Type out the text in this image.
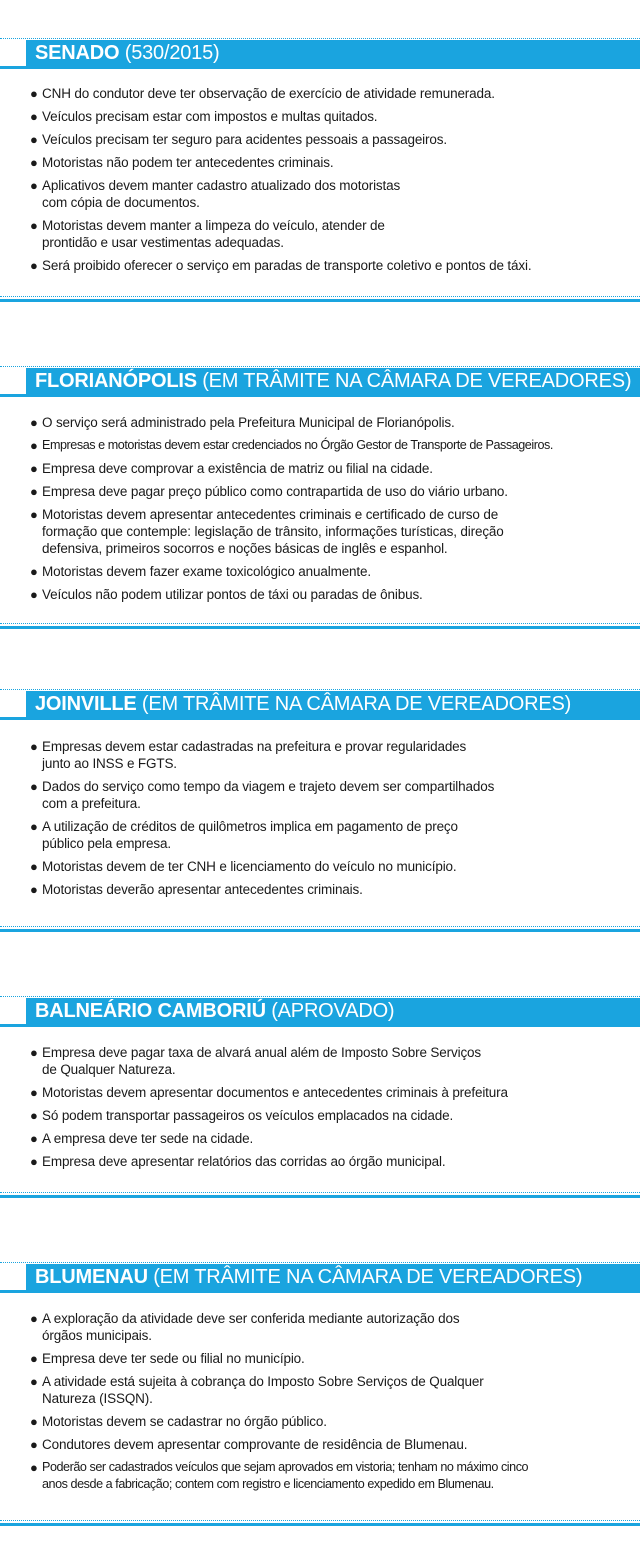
SENADO (530/2015)
● CNH do condutor deve ter observação de exercício de atividade remunerada.
● Veículos precisam estar com impostos e multas quitados.
● Veículos precisam ter seguro para acidentes pessoais a passageiros.
● Motoristas não podem ter antecedentes criminais.
● Aplicativos devem manter cadastro atualizado dos motoristas
com cópia de documentos.
● Motoristas devem manter a limpeza do veículo, atender de
prontidão e usar vestimentas adequadas.
● Será proibido oferecer o serviço em paradas de transporte coletivo e pontos de táxi.
FLORIANÓPOLIS (EM TRÂMITE NA CÂMARA DE VEREADORES)
● O serviço será administrado pela Prefeitura Municipal de Florianópolis.
● Empresas e motoristas devem estar credenciados no Órgão Gestor de Transporte de Passageiros.
● Empresa deve comprovar a existência de matriz ou filial na cidade.
● Empresa deve pagar preço público como contrapartida de uso do viário urbano.
● Motoristas devem apresentar antecedentes criminais e certificado de curso de
formação que contemple: legislação de trânsito, informações turísticas, direção
defensiva, primeiros socorros e noções básicas de inglês e espanhol.
● Motoristas devem fazer exame toxicológico anualmente.
● Veículos não podem utilizar pontos de táxi ou paradas de ônibus.
JOINVILLE (EM TRÂMITE NA CÂMARA DE VEREADORES)
● Empresas devem estar cadastradas na prefeitura e provar regularidades
junto ao INSS e FGTS.
● Dados do serviço como tempo da viagem e trajeto devem ser compartilhados
com a prefeitura.
● A utilização de créditos de quilômetros implica em pagamento de preço
público pela empresa.
● Motoristas devem de ter CNH e licenciamento do veículo no município.
● Motoristas deverão apresentar antecedentes criminais.
BALNEÁRIO CAMBORIÚ (APROVADO)
● Empresa deve pagar taxa de alvará anual além de Imposto Sobre Serviços
de Qualquer Natureza.
● Motoristas devem apresentar documentos e antecedentes criminais à prefeitura
● Só podem transportar passageiros os veículos emplacados na cidade.
● A empresa deve ter sede na cidade.
● Empresa deve apresentar relatórios das corridas ao órgão municipal.
BLUMENAU (EM TRÂMITE NA CÂMARA DE VEREADORES)
● A exploração da atividade deve ser conferida mediante autorização dos
órgãos municipais.
● Empresa deve ter sede ou filial no município.
● A atividade está sujeita à cobrança do Imposto Sobre Serviços de Qualquer
Natureza (ISSQN).
● Motoristas devem se cadastrar no órgão público.
● Condutores devem apresentar comprovante de residência de Blumenau.
● Poderão ser cadastrados veículos que sejam aprovados em vistoria; tenham no máximo cinco
anos desde a fabricação; contem com registro e licenciamento expedido em Blumenau.
